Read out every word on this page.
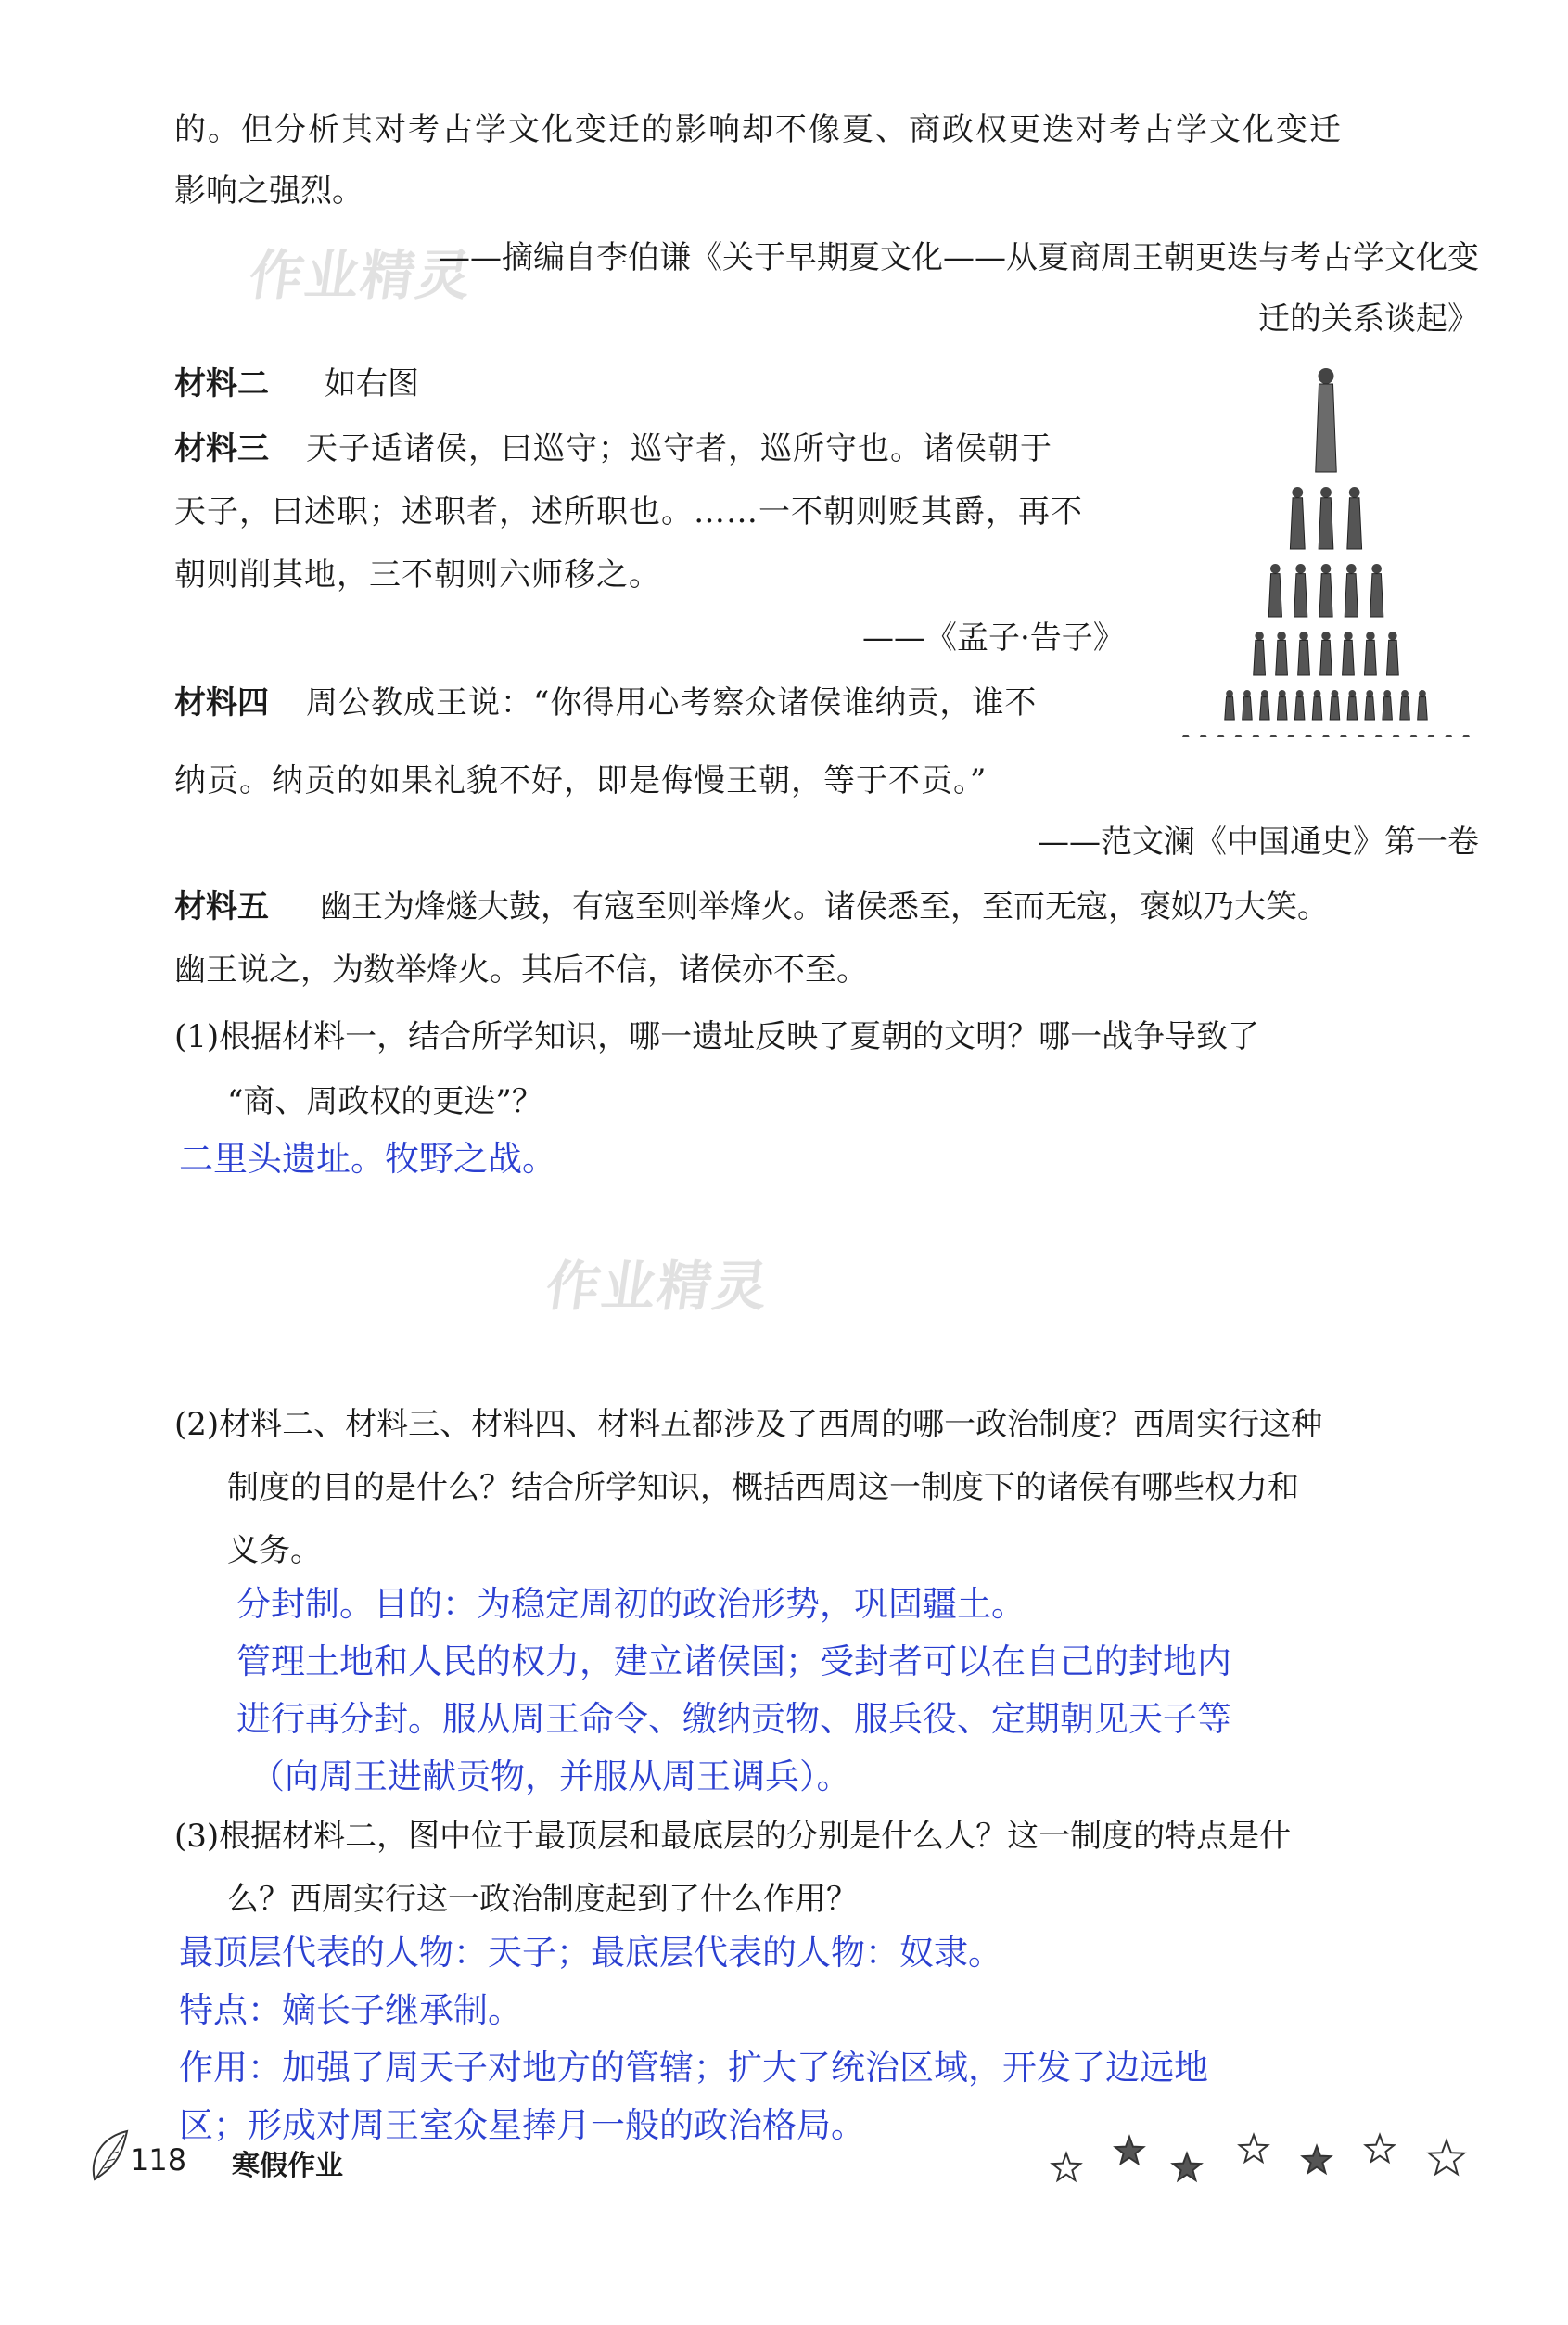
作业精灵
作业精灵
的。但分析其对考古学文化变迁的影响却不像夏、商政权更迭对考古学文化变迁
影响之强烈。
——摘编自李伯谦《关于早期夏文化——从夏商周王朝更迭与考古学文化变
迁的关系谈起》
材料二 如右图
材料三 天子适诸侯，曰巡守；巡守者，巡所守也。诸侯朝于
天子，曰述职；述职者，述所职也。……一不朝则贬其爵，再不
朝则削其地，三不朝则六师移之。
——《孟子·告子》
材料四 周公教成王说：“你得用心考察众诸侯谁纳贡，谁不
纳贡。纳贡的如果礼貌不好，即是侮慢王朝，等于不贡。”
——范文澜《中国通史》第一卷
材料五 幽王为烽燧大鼓，有寇至则举烽火。诸侯悉至，至而无寇，褒姒乃大笑。
幽王说之，为数举烽火。其后不信，诸侯亦不至。
(1)根据材料一，结合所学知识，哪一遗址反映了夏朝的文明？哪一战争导致了
“商、周政权的更迭”？
二里头遗址。牧野之战。
(2)材料二、材料三、材料四、材料五都涉及了西周的哪一政治制度？西周实行这种
制度的目的是什么？结合所学知识，概括西周这一制度下的诸侯有哪些权力和
义务。
分封制。目的：为稳定周初的政治形势，巩固疆土。
管理土地和人民的权力，建立诸侯国；受封者可以在自己的封地内
进行再分封。服从周王命令、缴纳贡物、服兵役、定期朝见天子等
（向周王进献贡物，并服从周王调兵）。
(3)根据材料二，图中位于最顶层和最底层的分别是什么人？这一制度的特点是什
么？西周实行这一政治制度起到了什么作用？
最顶层代表的人物：天子；最底层代表的人物：奴隶。
特点：嫡长子继承制。
作用：加强了周天子对地方的管辖；扩大了统治区域，开发了边远地
区；形成对周王室众星捧月一般的政治格局。
118 寒假作业
